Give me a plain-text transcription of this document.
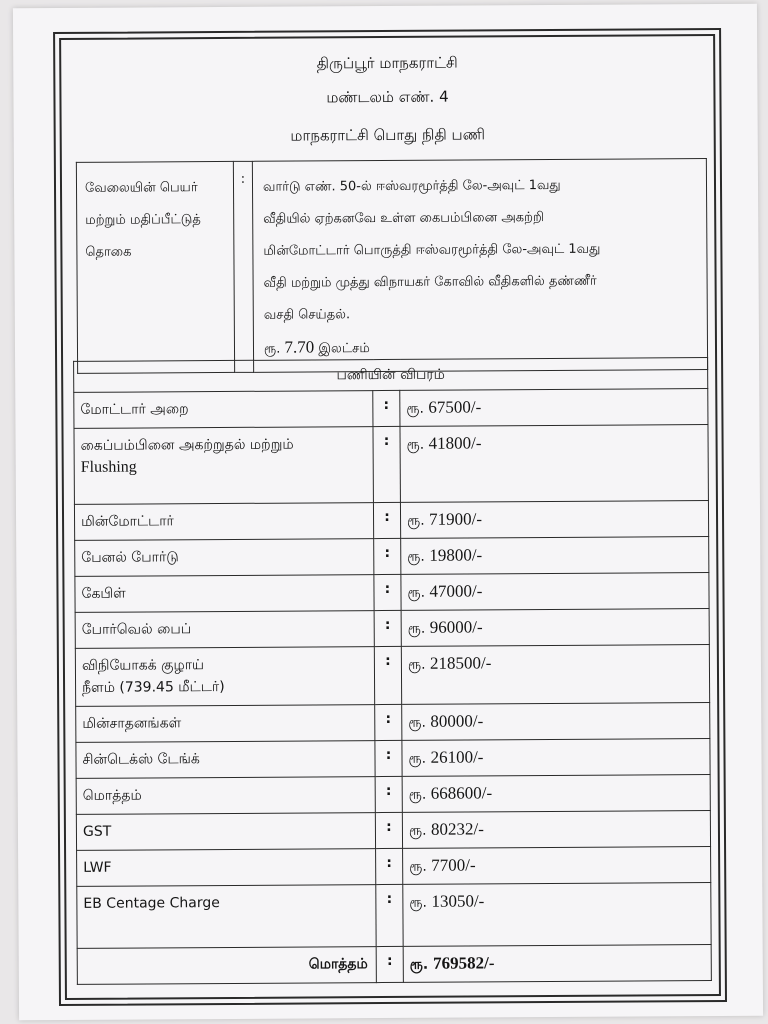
திருப்பூர் மாநகராட்சி
மண்டலம் எண். 4
மாநகராட்சி பொது நிதி பணி
வேலையின் பெயர்
மற்றும் மதிப்பீட்டுத்
தொகை
	:	வார்டு எண். 50-ல் ஈஸ்வரமூர்த்தி லே-அவுட் 1வது
வீதியில் ஏற்கனவே உள்ள கைபம்பினை அகற்றி
மின்மோட்டார் பொருத்தி ஈஸ்வரமூர்த்தி லே-அவுட் 1வது
வீதி மற்றும் முத்து விநாயகர் கோவில் வீதிகளில் தண்ணீர்
வசதி செய்தல்.
ரூ. 7.70 இலட்சம்
பணியின் விபரம்		

மோட்டார் அறை	:	ரூ. 67500/-

கைப்பம்பினை அகற்றுதல் மற்றும்
Flushing	:	ரூ. 41800/-

மின்மோட்டார்	:	ரூ. 71900/-

பேனல் போர்டு	:	ரூ. 19800/-

கேபிள்	:	ரூ. 47000/-

போர்வெல் பைப்	:	ரூ. 96000/-

விநியோகக் குழாய்
நீளம் (739.45 மீட்டர்)	:	ரூ. 218500/-

மின்சாதனங்கள்	:	ரூ. 80000/-

சின்டெக்ஸ் டேங்க்	:	ரூ. 26100/-

மொத்தம்	:	ரூ. 668600/-

GST	:	ரூ. 80232/-

LWF	:	ரூ. 7700/-

EB Centage Charge	:	ரூ. 13050/-
மொத்தம்	:	ரூ. 769582/-
